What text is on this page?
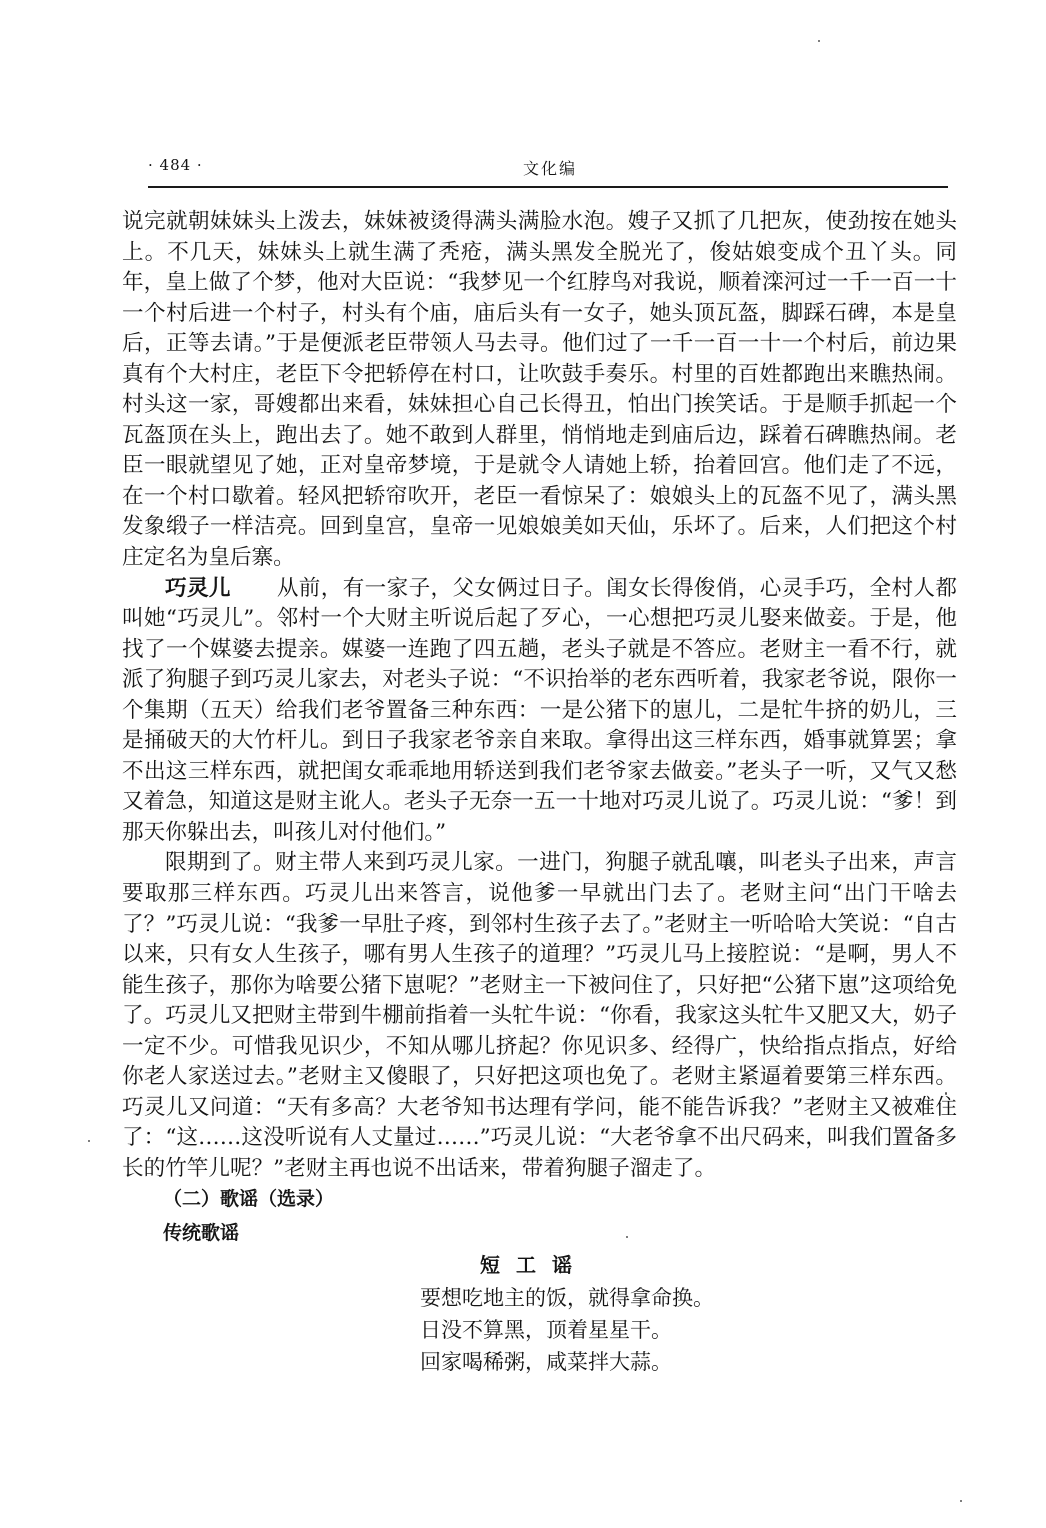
· 484 ·	文化编

说完就朝妹妹头上泼去，妹妹被烫得满头满脸水泡。嫂子又抓了几把灰，使劲按在她头上。不几天，妹妹头上就生满了秃疮，满头黑发全脱光了，俊姑娘变成个丑丫头。同年，皇上做了个梦，他对大臣说：“我梦见一个红脖鸟对我说，顺着滦河过一千一百一十一个村后进一个村子，村头有个庙，庙后头有一女子，她头顶瓦盔，脚踩石碑，本是皇后，正等去请。”于是便派老臣带领人马去寻。他们过了一千一百一十一个村后，前边果真有个大村庄，老臣下令把轿停在村口，让吹鼓手奏乐。村里的百姓都跑出来瞧热闹。村头这一家，哥嫂都出来看，妹妹担心自己长得丑，怕出门挨笑话。于是顺手抓起一个瓦盔顶在头上，跑出去了。她不敢到人群里，悄悄地走到庙后边，踩着石碑瞧热闹。老臣一眼就望见了她，正对皇帝梦境，于是就令人请她上轿，抬着回宫。他们走了不远，在一个村口歇着。轻风把轿帘吹开，老臣一看惊呆了：娘娘头上的瓦盔不见了，满头黑发象缎子一样洁亮。回到皇宫，皇帝一见娘娘美如天仙，乐坏了。后来，人们把这个村庄定名为皇后寨。

巧灵儿 从前，有一家子，父女俩过日子。闺女长得俊俏，心灵手巧，全村人都叫她“巧灵儿”。邻村一个大财主听说后起了歹心，一心想把巧灵儿娶来做妾。于是，他找了一个媒婆去提亲。媒婆一连跑了四五趟，老头子就是不答应。老财主一看不行，就派了狗腿子到巧灵儿家去，对老头子说：“不识抬举的老东西听着，我家老爷说，限你一个集期（五天）给我们老爷置备三种东西：一是公猪下的崽儿，二是牤牛挤的奶儿，三是捅破天的大竹杆儿。到日子我家老爷亲自来取。拿得出这三样东西，婚事就算罢；拿不出这三样东西，就把闺女乖乖地用轿送到我们老爷家去做妾。”老头子一听，又气又愁又着急，知道这是财主讹人。老头子无奈一五一十地对巧灵儿说了。巧灵儿说：“爹！到那天你躲出去，叫孩儿对付他们。”

限期到了。财主带人来到巧灵儿家。一进门，狗腿子就乱嚷，叫老头子出来，声言要取那三样东西。巧灵儿出来答言，说他爹一早就出门去了。老财主问“出门干啥去了？”巧灵儿说：“我爹一早肚子疼，到邻村生孩子去了。”老财主一听哈哈大笑说：“自古以来，只有女人生孩子，哪有男人生孩子的道理？”巧灵儿马上接腔说：“是啊，男人不能生孩子，那你为啥要公猪下崽呢？”老财主一下被问住了，只好把“公猪下崽”这项给免了。巧灵儿又把财主带到牛棚前指着一头牤牛说：“你看，我家这头牤牛又肥又大，奶子一定不少。可惜我见识少，不知从哪儿挤起？你见识多、经得广，快给指点指点，好给你老人家送过去。”老财主又傻眼了，只好把这项也免了。老财主紧逼着要第三样东西。巧灵儿又问道：“天有多高？大老爷知书达理有学问，能不能告诉我？”老财主又被难住了：“这……这没听说有人丈量过……”巧灵儿说：“大老爷拿不出尺码来，叫我们置备多长的竹竿儿呢？”老财主再也说不出话来，带着狗腿子溜走了。

（二）歌谣（选录）
传统歌谣
短工谣
要想吃地主的饭，就得拿命换。
日没不算黑，顶着星星干。
回家喝稀粥，咸菜拌大蒜。
